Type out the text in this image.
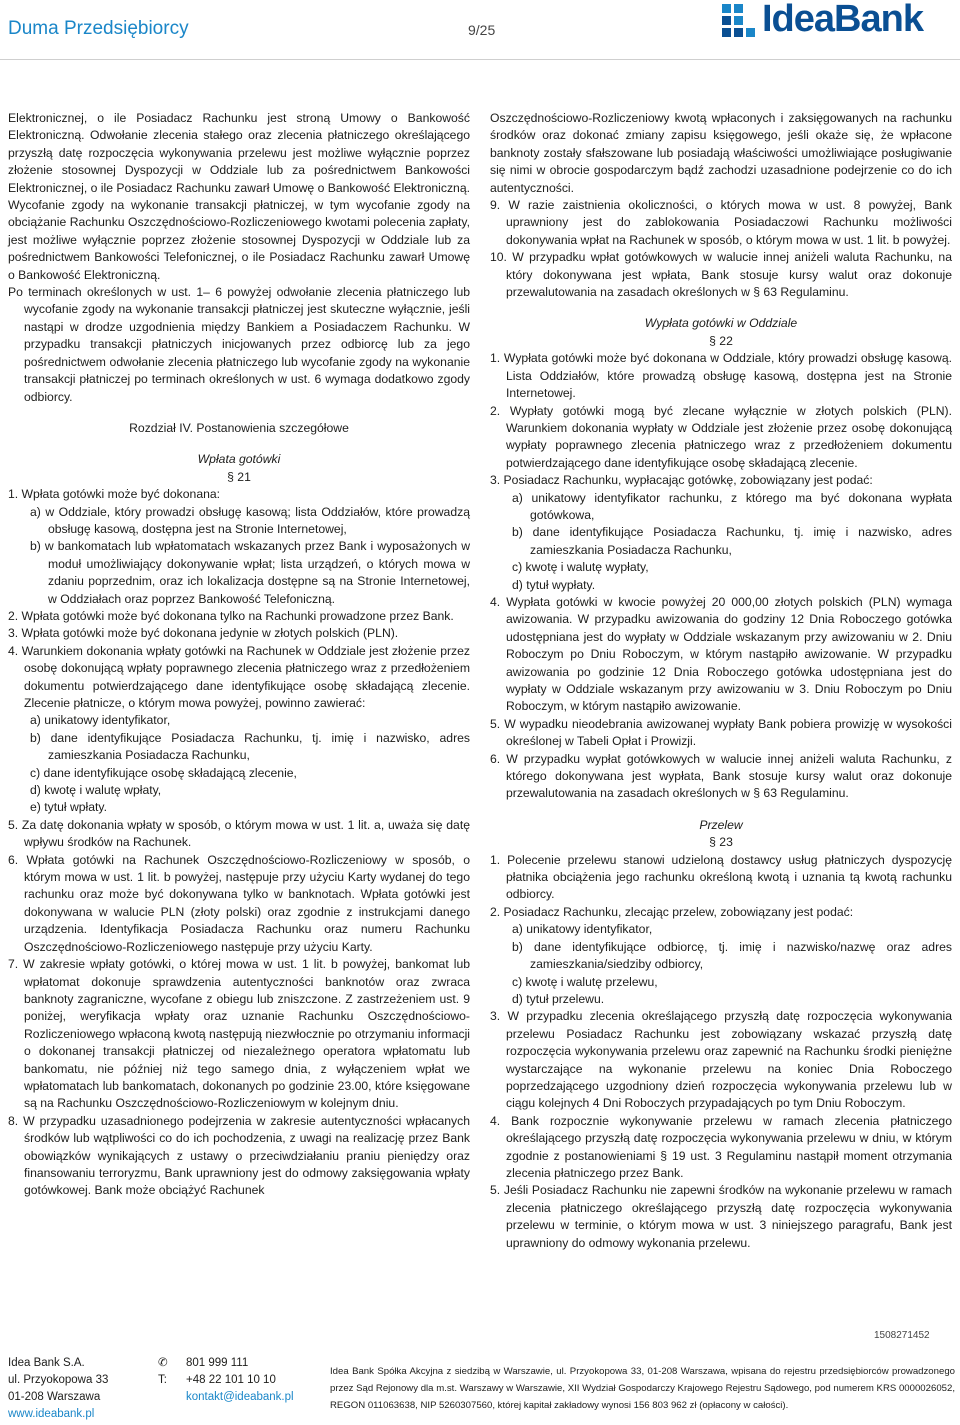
Duma Przedsiębiorcy	9/25	IdeaBank

Elektronicznej, o ile Posiadacz Rachunku jest stroną Umowy o Bankowość Elektroniczną. Odwołanie zlecenia stałego oraz zlecenia płatniczego określającego przyszłą datę rozpoczęcia wykonywania przelewu jest możliwe wyłącznie poprzez złożenie stosownej Dyspozycji w Oddziale lub za pośrednictwem Bankowości Elektronicznej, o ile Posiadacz Rachunku zawarł Umowę o Bankowość Elektroniczną. Wycofanie zgody na wykonanie transakcji płatniczej, w tym wycofanie zgody na obciążanie Rachunku Oszczędnościowo-Rozliczeniowego kwotami polecenia zapłaty, jest możliwe wyłącznie poprzez złożenie stosownej Dyspozycji w Oddziale lub za pośrednictwem Bankowości Telefonicznej, o ile Posiadacz Rachunku zawarł Umowę o Bankowość Elektroniczną.

Po terminach określonych w ust. 1– 6 powyżej odwołanie zlecenia płatniczego lub wycofanie zgody na wykonanie transakcji płatniczej jest skuteczne wyłącznie, jeśli nastąpi w drodze uzgodnienia między Bankiem a Posiadaczem Rachunku. W przypadku transakcji płatniczych inicjowanych przez odbiorcę lub za jego pośrednictwem odwołanie zlecenia płatniczego lub wycofanie zgody na wykonanie transakcji płatniczej po terminach określonych w ust. 6 wymaga dodatkowo zgody odbiorcy.

Rozdział IV. Postanowienia szczegółowe

Wpłata gotówki

§ 21

1. Wpłata gotówki może być dokonana:

a) w Oddziale, który prowadzi obsługę kasową; lista Oddziałów, które prowadzą obsługę kasową, dostępna jest na Stronie Internetowej,

b) w bankomatach lub wpłatomatach wskazanych przez Bank i wyposażonych w moduł umożliwiający dokonywanie wpłat; lista urządzeń, o których mowa w zdaniu poprzednim, oraz ich lokalizacja dostępne są na Stronie Internetowej, w Oddziałach oraz poprzez Bankowość Telefoniczną.

2. Wpłata gotówki może być dokonana tylko na Rachunki prowadzone przez Bank.

3. Wpłata gotówki może być dokonana jedynie w złotych polskich (PLN).

4. Warunkiem dokonania wpłaty gotówki na Rachunek w Oddziale jest złożenie przez osobę dokonującą wpłaty poprawnego zlecenia płatniczego wraz z przedłożeniem dokumentu potwierdzającego dane identyfikujące osobę składającą zlecenie. Zlecenie płatnicze, o którym mowa powyżej, powinno zawierać:

a) unikatowy identyfikator,

b) dane identyfikujące Posiadacza Rachunku, tj. imię i nazwisko, adres zamieszkania Posiadacza Rachunku,

c) dane identyfikujące osobę składającą zlecenie,

d) kwotę i walutę wpłaty,

e) tytuł wpłaty.

5. Za datę dokonania wpłaty w sposób, o którym mowa w ust. 1 lit. a, uważa się datę wpływu środków na Rachunek.

6. Wpłata gotówki na Rachunek Oszczędnościowo-Rozliczeniowy w sposób, o którym mowa w ust. 1 lit. b powyżej, następuje przy użyciu Karty wydanej do tego rachunku oraz może być dokonywana tylko w banknotach. Wpłata gotówki jest dokonywana w walucie PLN (złoty polski) oraz zgodnie z instrukcjami danego urządzenia. Identyfikacja Posiadacza Rachunku oraz numeru Rachunku Oszczędnościowo-Rozliczeniowego następuje przy użyciu Karty.

7. W zakresie wpłaty gotówki, o której mowa w ust. 1 lit. b powyżej, bankomat lub wpłatomat dokonuje sprawdzenia autentyczności banknotów oraz zwraca banknoty zagraniczne, wycofane z obiegu lub zniszczone. Z zastrzeżeniem ust. 9 poniżej, weryfikacja wpłaty oraz uznanie Rachunku Oszczędnościowo-Rozliczeniowego wpłaconą kwotą następują niezwłocznie po otrzymaniu informacji o dokonanej transakcji płatniczej od niezależnego operatora wpłatomatu lub bankomatu, nie później niż tego samego dnia, z wyłączeniem wpłat we wpłatomatach lub bankomatach, dokonanych po godzinie 23.00, które księgowane są na Rachunku Oszczędnościowo-Rozliczeniowym w kolejnym dniu.

8. W przypadku uzasadnionego podejrzenia w zakresie autentyczności wpłacanych środków lub wątpliwości co do ich pochodzenia, z uwagi na realizację przez Bank obowiązków wynikających z ustawy o przeciwdziałaniu praniu pieniędzy oraz finansowaniu terroryzmu, Bank uprawniony jest do odmowy zaksięgowania wpłaty gotówkowej. Bank może obciążyć Rachunek

Oszczędnościowo-Rozliczeniowy kwotą wpłaconych i zaksięgowanych na rachunku środków oraz dokonać zmiany zapisu księgowego, jeśli okaże się, że wpłacone banknoty zostały sfałszowane lub posiadają właściwości umożliwiające posługiwanie się nimi w obrocie gospodarczym bądź zachodzi uzasadnione podejrzenie co do ich autentyczności.

9. W razie zaistnienia okoliczności, o których mowa w ust. 8 powyżej, Bank uprawniony jest do zablokowania Posiadaczowi Rachunku możliwości dokonywania wpłat na Rachunek w sposób, o którym mowa w ust. 1 lit. b powyżej.

10. W przypadku wpłat gotówkowych w walucie innej aniżeli waluta Rachunku, na który dokonywana jest wpłata, Bank stosuje kursy walut oraz dokonuje przewalutowania na zasadach określonych w § 63 Regulaminu.

Wypłata gotówki w Oddziale

§ 22

1. Wypłata gotówki może być dokonana w Oddziale, który prowadzi obsługę kasową. Lista Oddziałów, które prowadzą obsługę kasową, dostępna jest na Stronie Internetowej.

2. Wypłaty gotówki mogą być zlecane wyłącznie w złotych polskich (PLN). Warunkiem dokonania wypłaty w Oddziale jest złożenie przez osobę dokonującą wypłaty poprawnego zlecenia płatniczego wraz z przedłożeniem dokumentu potwierdzającego dane identyfikujące osobę składającą zlecenie.

3. Posiadacz Rachunku, wypłacając gotówkę, zobowiązany jest podać:

a) unikatowy identyfikator rachunku, z którego ma być dokonana wypłata gotówkowa,

b) dane identyfikujące Posiadacza Rachunku, tj. imię i nazwisko, adres zamieszkania Posiadacza Rachunku,

c) kwotę i walutę wypłaty,

d) tytuł wypłaty.

4. Wypłata gotówki w kwocie powyżej 20 000,00 złotych polskich (PLN) wymaga awizowania. W przypadku awizowania do godziny 12 Dnia Roboczego gotówka udostępniana jest do wypłaty w Oddziale wskazanym przy awizowaniu w 2. Dniu Roboczym po Dniu Roboczym, w którym nastąpiło awizowanie. W przypadku awizowania po godzinie 12 Dnia Roboczego gotówka udostępniana jest do wypłaty w Oddziale wskazanym przy awizowaniu w 3. Dniu Roboczym po Dniu Roboczym, w którym nastąpiło awizowanie.

5. W wypadku nieodebrania awizowanej wypłaty Bank pobiera prowizję w wysokości określonej w Tabeli Opłat i Prowizji.

6. W przypadku wypłat gotówkowych w walucie innej aniżeli waluta Rachunku, z którego dokonywana jest wypłata, Bank stosuje kursy walut oraz dokonuje przewalutowania na zasadach określonych w § 63 Regulaminu.

Przelew

§ 23

1. Polecenie przelewu stanowi udzieloną dostawcy usług płatniczych dyspozycję płatnika obciążenia jego rachunku określoną kwotą i uznania tą kwotą rachunku odbiorcy.

2. Posiadacz Rachunku, zlecając przelew, zobowiązany jest podać:

a) unikatowy identyfikator,

b) dane identyfikujące odbiorcę, tj. imię i nazwisko/nazwę oraz adres zamieszkania/siedziby odbiorcy,

c) kwotę i walutę przelewu,

d) tytuł przelewu.

3. W przypadku zlecenia określającego przyszłą datę rozpoczęcia wykonywania przelewu Posiadacz Rachunku jest zobowiązany wskazać przyszłą datę rozpoczęcia wykonywania przelewu oraz zapewnić na Rachunku środki pieniężne wystarczające na wykonanie przelewu na koniec Dnia Roboczego poprzedzającego uzgodniony dzień rozpoczęcia wykonywania przelewu lub w ciągu kolejnych 4 Dni Roboczych przypadających po tym Dniu Roboczym.

4. Bank rozpocznie wykonywanie przelewu w ramach zlecenia płatniczego określającego przyszłą datę rozpoczęcia wykonywania przelewu w dniu, w którym zgodnie z postanowieniami § 19 ust. 3 Regulaminu nastąpił moment otrzymania zlecenia płatniczego przez Bank.

5. Jeśli Posiadacz Rachunku nie zapewni środków na wykonanie przelewu w ramach zlecenia płatniczego określającego przyszłą datę rozpoczęcia wykonywania przelewu w terminie, o którym mowa w ust. 3 niniejszego paragrafu, Bank jest uprawniony do odmowy wykonania przelewu.

1508271452
Idea Bank S.A.
ul. Przyokopowa 33
01-208 Warszawa
www.ideabank.pl
✆	801 999 111
T:	+48 22 101 10 10
kontakt@ideabank.pl
Idea Bank Spółka Akcyjna z siedzibą w Warszawie, ul. Przyokopowa 33, 01-208 Warszawa, wpisana do rejestru przedsiębiorców prowadzonego przez Sąd Rejonowy dla m.st. Warszawy w Warszawie, XII Wydział Gospodarczy Krajowego Rejestru Sądowego, pod numerem KRS 0000026052, REGON 011063638, NIP 5260307560, której kapitał zakładowy wynosi 156 803 962 zł (opłacony w całości).
